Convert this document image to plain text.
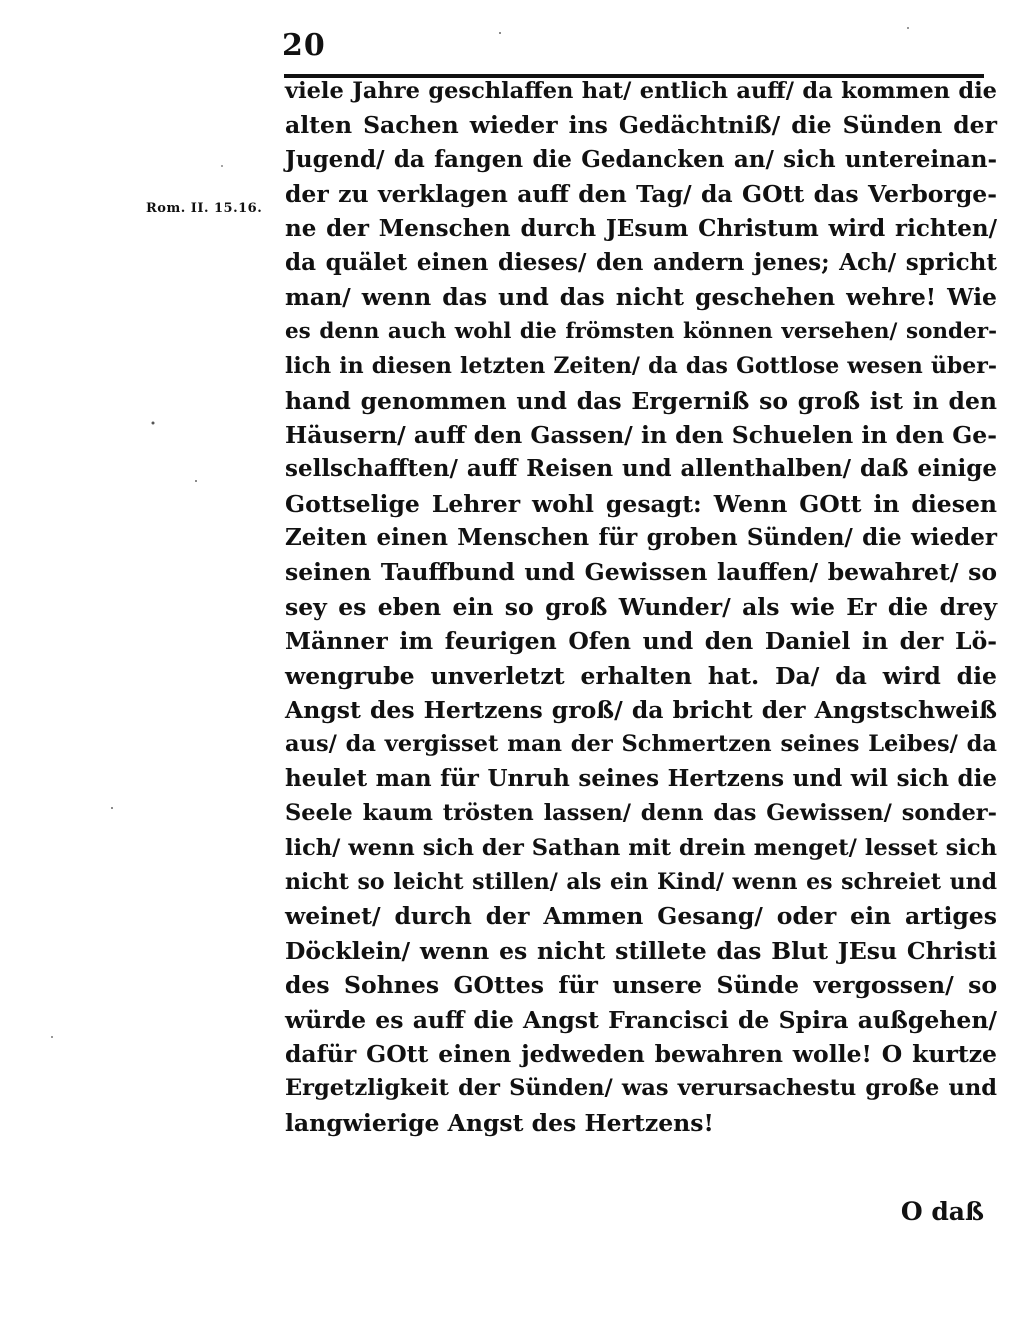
20
Rom. II. 15.16.
viele Jahre geschlaffen hat/ entlich auff/ da kommen die
alten Sachen wieder ins Gedächtniß/ die Sünden der
Jugend/ da fangen die Gedancken an/ sich untereinan-
der zu verklagen auff den Tag/ da GOtt das Verborge-
ne der Menschen durch JEsum Christum wird richten/
da quälet einen dieses/ den andern jenes; Ach/ spricht
man/ wenn das und das nicht geschehen wehre! Wie
es denn auch wohl die frömsten können versehen/ sonder-
lich in diesen letzten Zeiten/ da das Gottlose wesen über-
hand genommen und das Ergerniß so groß ist in den
Häusern/ auff den Gassen/ in den Schuelen in den Ge-
sellschafften/ auff Reisen und allenthalben/ daß einige
Gottselige Lehrer wohl gesagt: Wenn GOtt in diesen
Zeiten einen Menschen für groben Sünden/ die wieder
seinen Tauffbund und Gewissen lauffen/ bewahret/ so
sey es eben ein so groß Wunder/ als wie Er die drey
Männer im feurigen Ofen und den Daniel in der Lö-
wengrube unverletzt erhalten hat. Da/ da wird die
Angst des Hertzens groß/ da bricht der Angstschweiß
aus/ da vergisset man der Schmertzen seines Leibes/ da
heulet man für Unruh seines Hertzens und wil sich die
Seele kaum trösten lassen/ denn das Gewissen/ sonder-
lich/ wenn sich der Sathan mit drein menget/ lesset sich
nicht so leicht stillen/ als ein Kind/ wenn es schreiet und
weinet/ durch der Ammen Gesang/ oder ein artiges
Döcklein/ wenn es nicht stillete das Blut JEsu Christi
des Sohnes GOttes für unsere Sünde vergossen/ so
würde es auff die Angst Francisci de Spira außgehen/
dafür GOtt einen jedweden bewahren wolle! O kurtze
Ergetzligkeit der Sünden/ was verursachestu große und
langwierige Angst des Hertzens!
O daß
